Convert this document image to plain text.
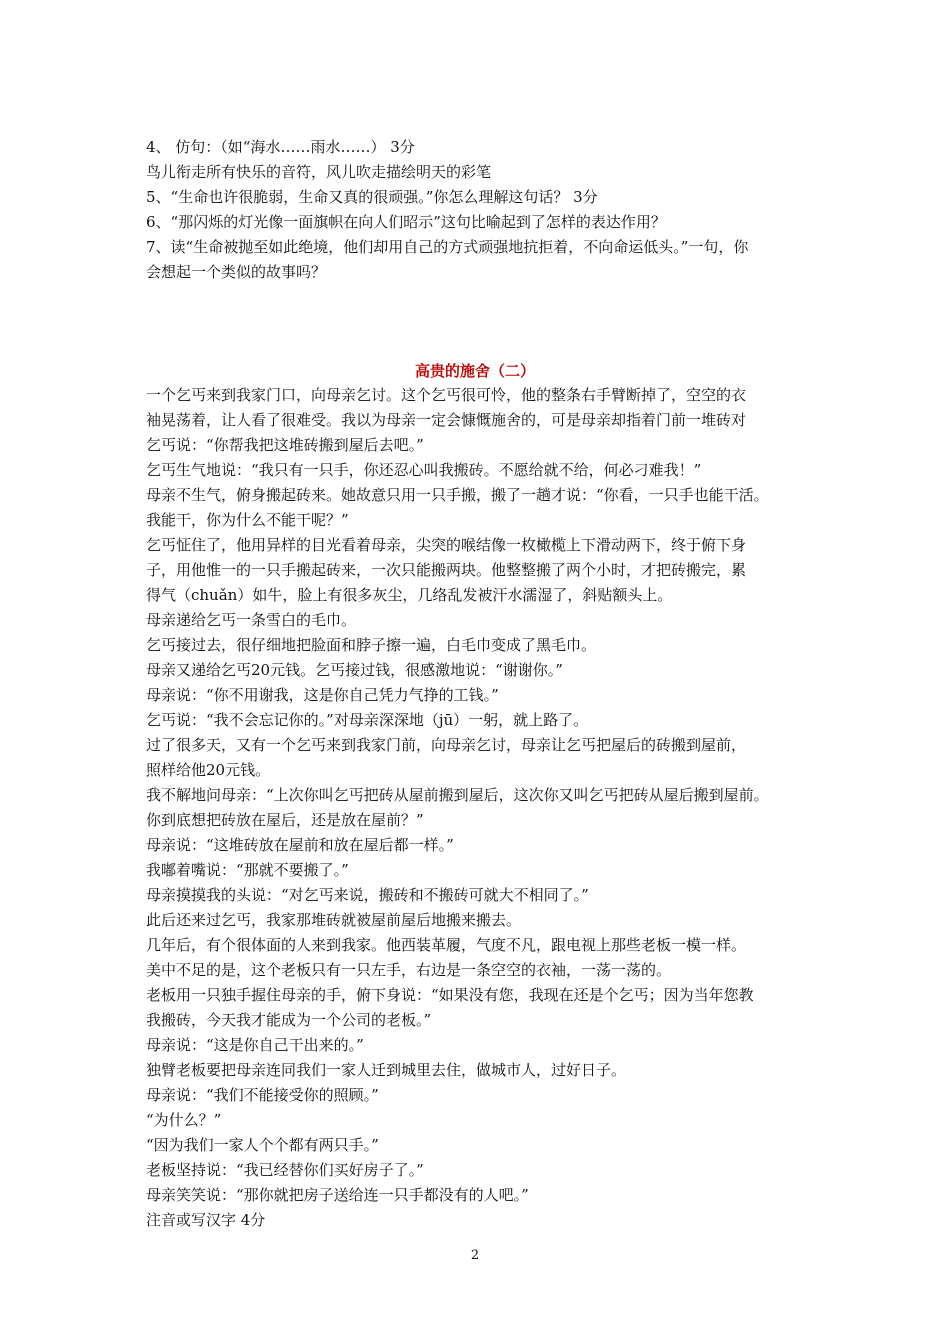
4、 仿句：（如“海水……雨水……） 3分
鸟儿衔走所有快乐的音符，风儿吹走描绘明天的彩笔
5、“生命也许很脆弱，生命又真的很顽强。”你怎么理解这句话？ 3分
6、“那闪烁的灯光像一面旗帜在向人们昭示”这句比喻起到了怎样的表达作用？
7、读“生命被抛至如此绝境，他们却用自己的方式顽强地抗拒着，不向命运低头。”一句，你
会想起一个类似的故事吗？
高贵的施舍（二）
一个乞丐来到我家门口，向母亲乞讨。这个乞丐很可怜，他的整条右手臂断掉了，空空的衣
袖晃荡着，让人看了很难受。我以为母亲一定会慷慨施舍的，可是母亲却指着门前一堆砖对
乞丐说：“你帮我把这堆砖搬到屋后去吧。”
乞丐生气地说：“我只有一只手，你还忍心叫我搬砖。不愿给就不给，何必刁难我！”
母亲不生气，俯身搬起砖来。她故意只用一只手搬，搬了一趟才说：“你看，一只手也能干活。
我能干，你为什么不能干呢？”
乞丐怔住了，他用异样的目光看着母亲，尖突的喉结像一枚橄榄上下滑动两下，终于俯下身
子，用他惟一的一只手搬起砖来，一次只能搬两块。他整整搬了两个小时，才把砖搬完，累
得气（chuǎn）如牛，脸上有很多灰尘，几络乱发被汗水濡湿了，斜贴额头上。
母亲递给乞丐一条雪白的毛巾。
乞丐接过去，很仔细地把脸面和脖子擦一遍，白毛巾变成了黑毛巾。
母亲又递给乞丐20元钱。乞丐接过钱，很感激地说：“谢谢你。”
母亲说：“你不用谢我，这是你自己凭力气挣的工钱。”
乞丐说：“我不会忘记你的。”对母亲深深地（jū）一躬，就上路了。
过了很多天，又有一个乞丐来到我家门前，向母亲乞讨，母亲让乞丐把屋后的砖搬到屋前，
照样给他20元钱。
我不解地问母亲：“上次你叫乞丐把砖从屋前搬到屋后，这次你又叫乞丐把砖从屋后搬到屋前。
你到底想把砖放在屋后，还是放在屋前？”
母亲说：“这堆砖放在屋前和放在屋后都一样。”
我嘟着嘴说：“那就不要搬了。”
母亲摸摸我的头说：“对乞丐来说，搬砖和不搬砖可就大不相同了。”
此后还来过乞丐，我家那堆砖就被屋前屋后地搬来搬去。
几年后，有个很体面的人来到我家。他西装革履，气度不凡，跟电视上那些老板一模一样。
美中不足的是，这个老板只有一只左手，右边是一条空空的衣袖，一荡一荡的。
老板用一只独手握住母亲的手，俯下身说：“如果没有您，我现在还是个乞丐；因为当年您教
我搬砖，今天我才能成为一个公司的老板。”
母亲说：“这是你自己干出来的。”
独臂老板要把母亲连同我们一家人迁到城里去住，做城市人，过好日子。
母亲说：“我们不能接受你的照顾。”
“为什么？”
“因为我们一家人个个都有两只手。”
老板坚持说：“我已经替你们买好房子了。”
母亲笑笑说：“那你就把房子送给连一只手都没有的人吧。”
注音或写汉字 4分
2
